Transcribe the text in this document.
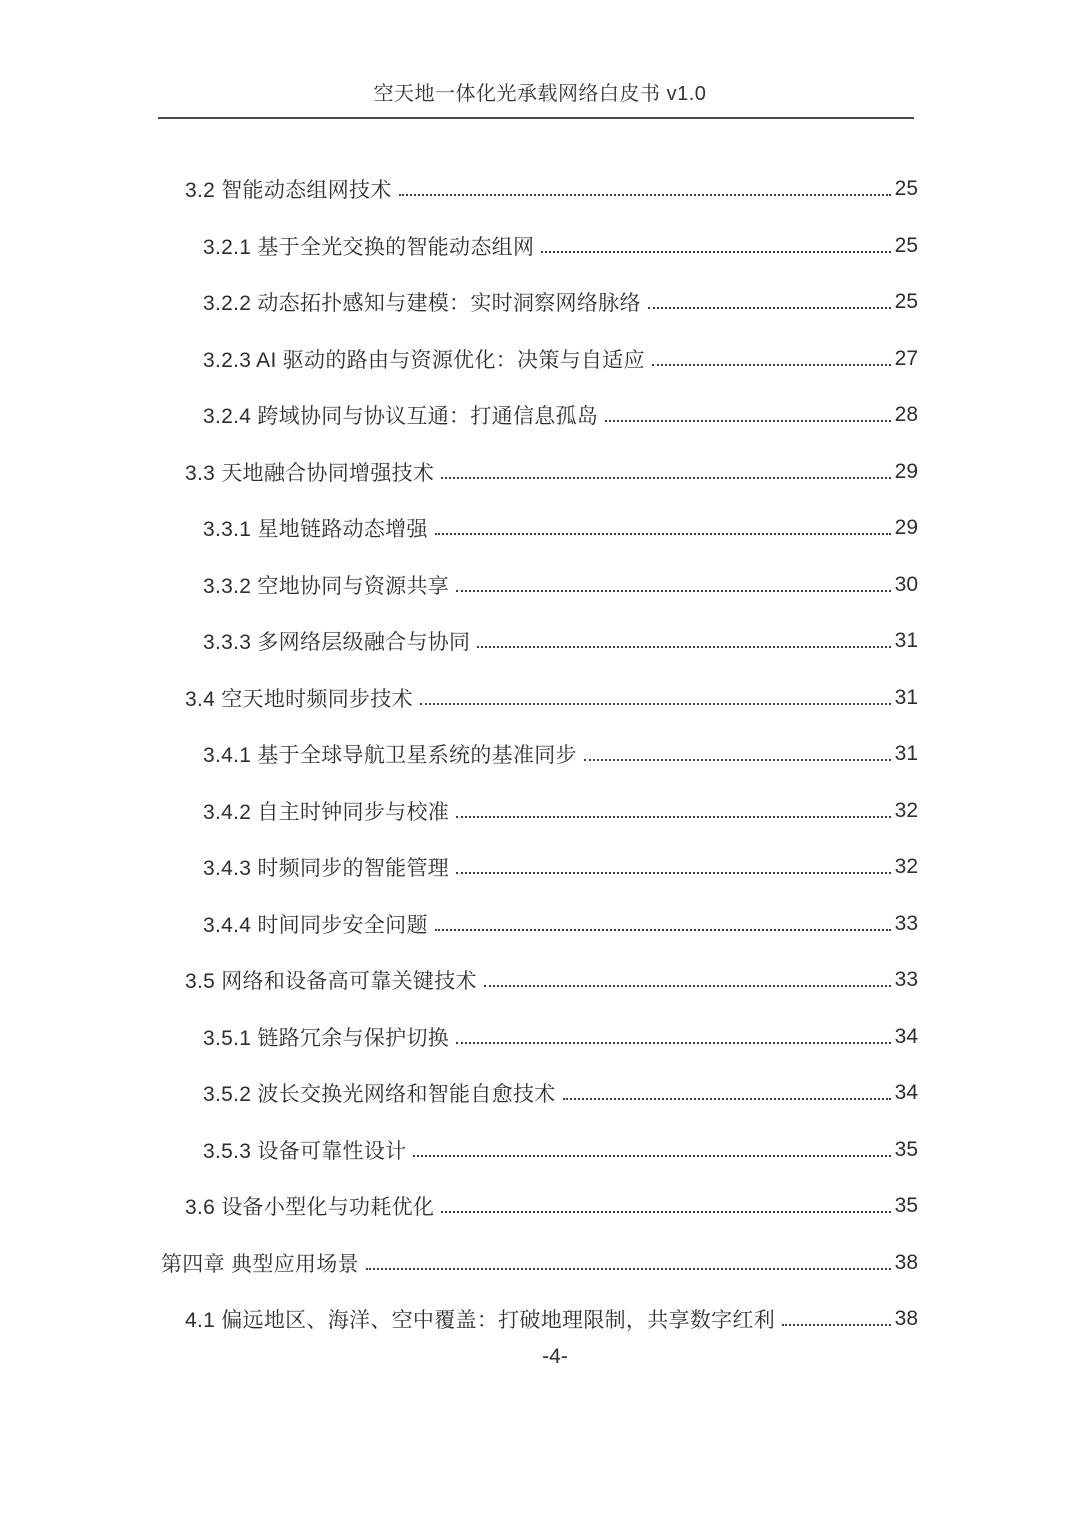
空天地一体化光承载网络白皮书 v1.0
3.2 智能动态组网技术	25
3.2.1 基于全光交换的智能动态组网	25
3.2.2 动态拓扑感知与建模：实时洞察网络脉络	25
3.2.3 AI 驱动的路由与资源优化：决策与自适应	27
3.2.4 跨域协同与协议互通：打通信息孤岛	28
3.3 天地融合协同增强技术	29
3.3.1 星地链路动态增强	29
3.3.2 空地协同与资源共享	30
3.3.3 多网络层级融合与协同	31
3.4 空天地时频同步技术	31
3.4.1 基于全球导航卫星系统的基准同步	31
3.4.2 自主时钟同步与校准	32
3.4.3 时频同步的智能管理	32
3.4.4 时间同步安全问题	33
3.5 网络和设备高可靠关键技术	33
3.5.1 链路冗余与保护切换	34
3.5.2 波长交换光网络和智能自愈技术	34
3.5.3 设备可靠性设计	35
3.6 设备小型化与功耗优化	35
第四章 典型应用场景	38
4.1 偏远地区、海洋、空中覆盖：打破地理限制，共享数字红利	38
-4-
